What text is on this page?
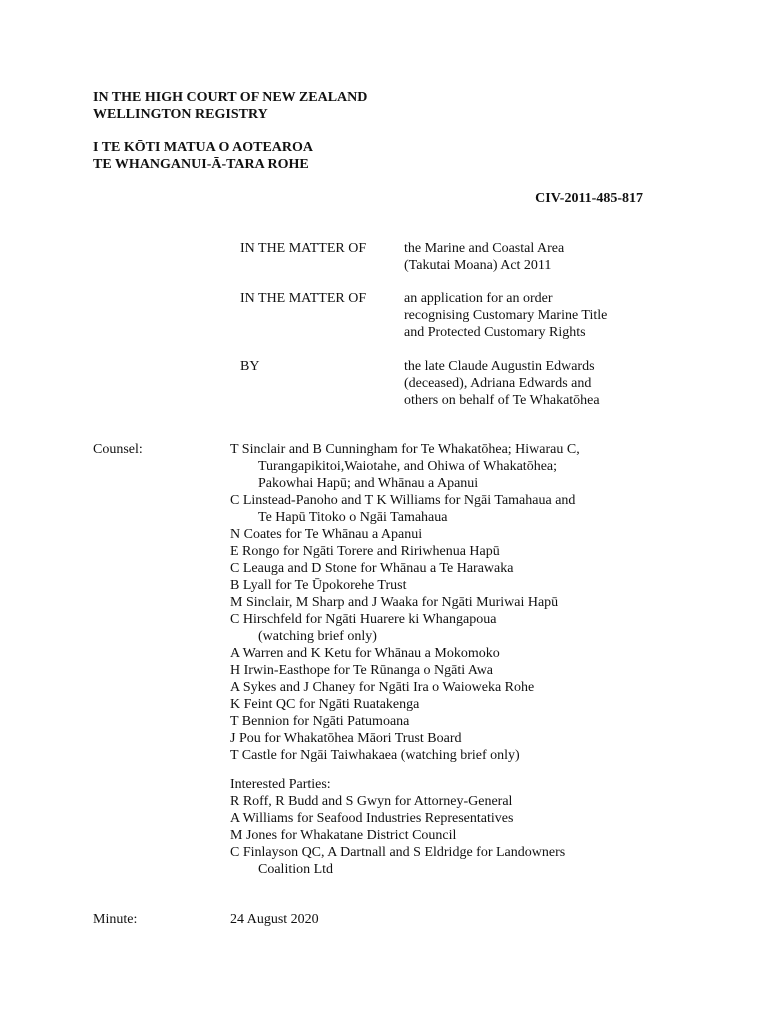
IN THE HIGH COURT OF NEW ZEALAND
WELLINGTON REGISTRY
I TE KŌTI MATUA O AOTEAROA
TE WHANGANUI-Ā-TARA ROHE
CIV-2011-485-817
IN THE MATTER OF	the Marine and Coastal Area
(Takutai Moana) Act 2011
IN THE MATTER OF	an application for an order
recognising Customary Marine Title
and Protected Customary Rights
BY	the late Claude Augustin Edwards
(deceased), Adriana Edwards and
others on behalf of Te Whakatōhea
Counsel:	T Sinclair and B Cunningham for Te Whakatōhea; Hiwarau C,
Turangapikitoi,Waiotahe, and Ohiwa of Whakatōhea;
Pakowhai Hapū; and Whānau a Apanui
C Linstead-Panoho and T K Williams for Ngāi Tamahaua and
Te Hapū Titoko o Ngāi Tamahaua
N Coates for Te Whānau a Apanui
E Rongo for Ngāti Torere and Ririwhenua Hapū
C Leauga and D Stone for Whānau a Te Harawaka
B Lyall for Te Ūpokorehe Trust
M Sinclair, M Sharp and J Waaka for Ngāti Muriwai Hapū
C Hirschfeld for Ngāti Huarere ki Whangapoua
(watching brief only)
A Warren and K Ketu for Whānau a Mokomoko
H Irwin-Easthope for Te Rūnanga o Ngāti Awa
A Sykes and J Chaney for Ngāti Ira o Waioweka Rohe
K Feint QC for Ngāti Ruatakenga
T Bennion for Ngāti Patumoana
J Pou for Whakatōhea Māori Trust Board
T Castle for Ngāi Taiwhakaea (watching brief only)
Interested Parties:
R Roff, R Budd and S Gwyn for Attorney-General
A Williams for Seafood Industries Representatives
M Jones for Whakatane District Council
C Finlayson QC, A Dartnall and S Eldridge for Landowners
Coalition Ltd
Minute:	24 August 2020
